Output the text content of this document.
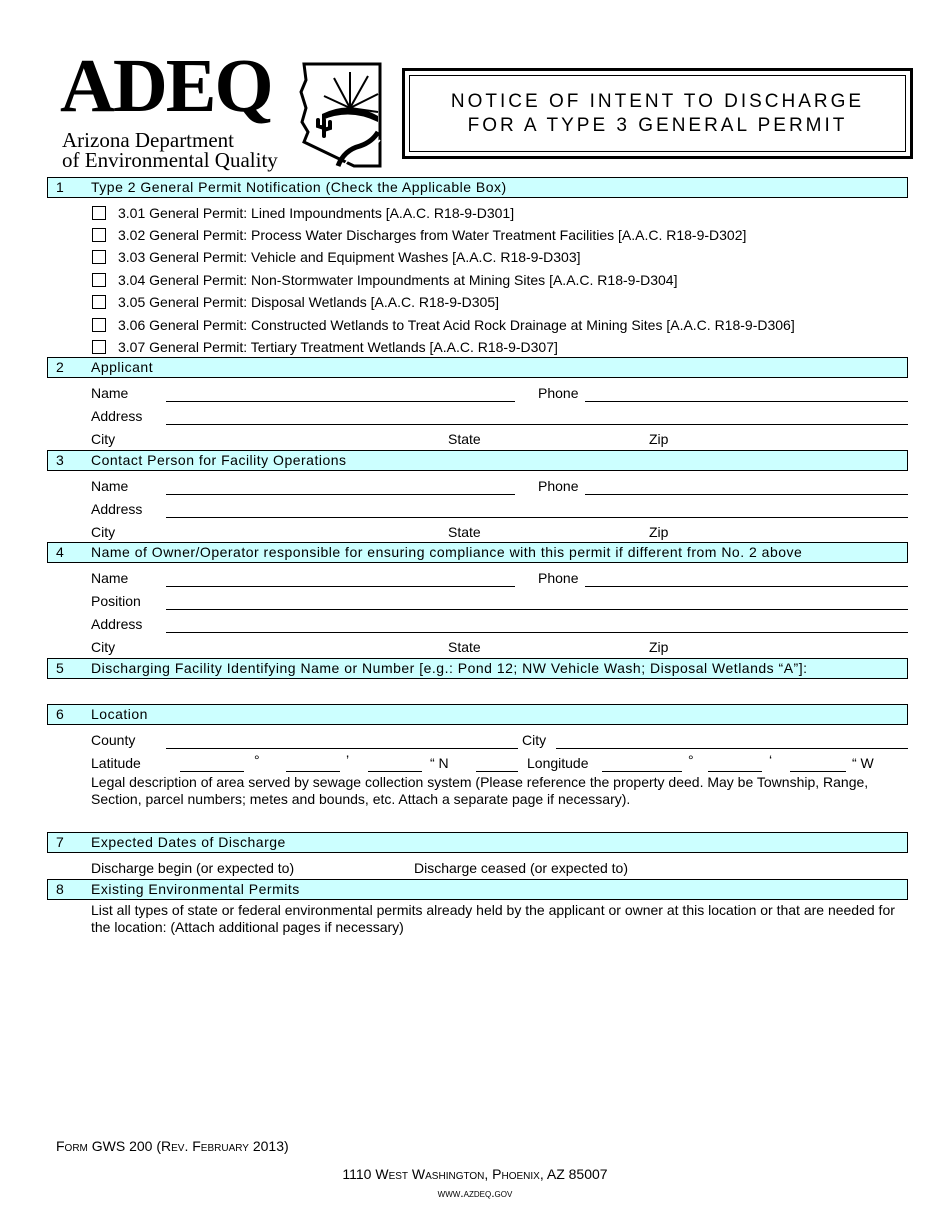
ADEQ
Arizona Department
of Environmental Quality
NOTICE OF INTENT TO DISCHARGE
FOR A TYPE 3 GENERAL PERMIT
1 Type 2 General Permit Notification (Check the Applicable Box)
3.01 General Permit: Lined Impoundments [A.A.C. R18-9-D301]
3.02 General Permit: Process Water Discharges from Water Treatment Facilities [A.A.C. R18-9-D302]
3.03 General Permit: Vehicle and Equipment Washes [A.A.C. R18-9-D303]
3.04 General Permit: Non-Stormwater Impoundments at Mining Sites [A.A.C. R18-9-D304]
3.05 General Permit: Disposal Wetlands [A.A.C. R18-9-D305]
3.06 General Permit: Constructed Wetlands to Treat Acid Rock Drainage at Mining Sites [A.A.C. R18-9-D306]
3.07 General Permit: Tertiary Treatment Wetlands [A.A.C. R18-9-D307]
2 Applicant
Name	Phone
Address
City	State	Zip
3 Contact Person for Facility Operations
Name	Phone
Address
City	State	Zip
4 Name of Owner/Operator responsible for ensuring compliance with this permit if different from No. 2 above
Name	Phone
Position
Address
City	State	Zip
5 Discharging Facility Identifying Name or Number [e.g.: Pond 12; NW Vehicle Wash; Disposal Wetlands “A”]:
6 Location
County	City
Latitude	°	’	“ N	Longitude	°	‘	“ W
Legal description of area served by sewage collection system (Please reference the property deed. May be Township, Range, Section, parcel numbers; metes and bounds, etc. Attach a separate page if necessary).
7 Expected Dates of Discharge
Discharge begin (or expected to)	Discharge ceased (or expected to)
8 Existing Environmental Permits
List all types of state or federal environmental permits already held by the applicant or owner at this location or that are needed for the location: (Attach additional pages if necessary)
Form GWS 200 (Rev. February 2013)
1110 West Washington, Phoenix, AZ 85007
www.azdeq.gov
